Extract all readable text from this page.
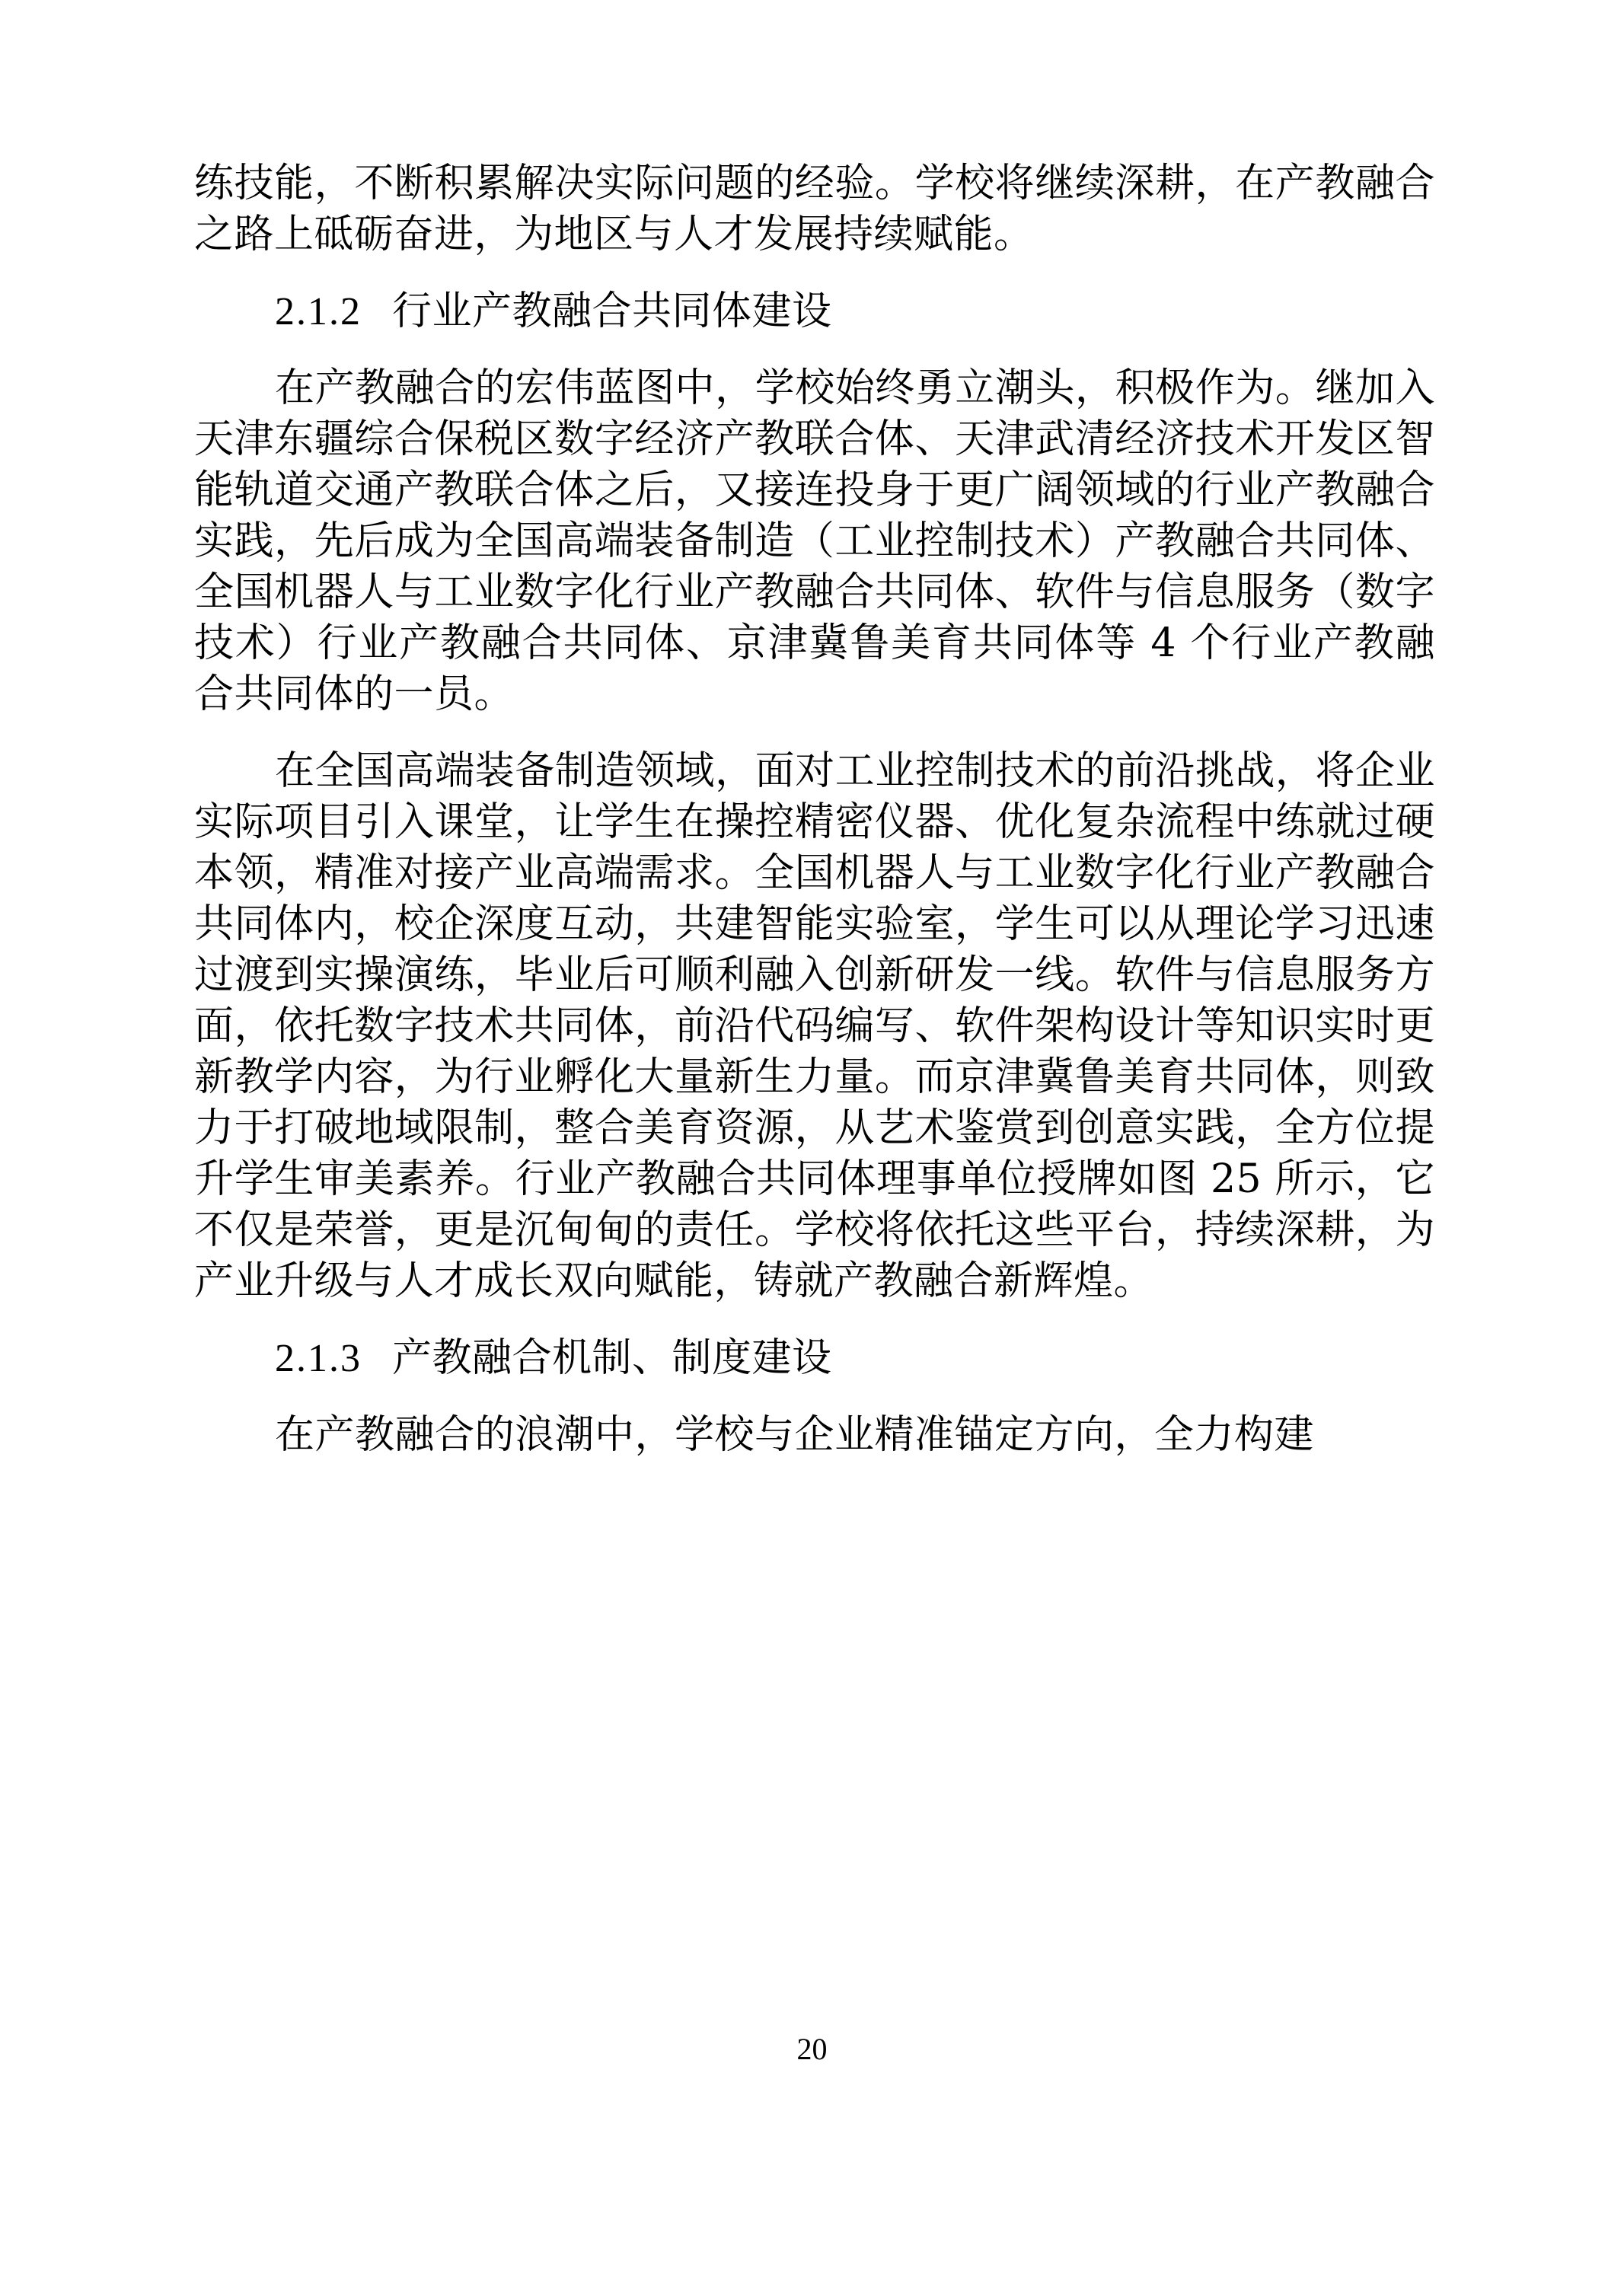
练技能，不断积累解决实际问题的经验。学校将继续深耕，在产教融合之路上砥砺奋进，为地区与人才发展持续赋能。

2.1.2 行业产教融合共同体建设

在产教融合的宏伟蓝图中，学校始终勇立潮头，积极作为。继加入天津东疆综合保税区数字经济产教联合体、天津武清经济技术开发区智能轨道交通产教联合体之后，又接连投身于更广阔领域的行业产教融合实践，先后成为全国高端装备制造（工业控制技术）产教融合共同体、全国机器人与工业数字化行业产教融合共同体、软件与信息服务（数字技术）行业产教融合共同体、京津冀鲁美育共同体等 4 个行业产教融合共同体的一员。

在全国高端装备制造领域，面对工业控制技术的前沿挑战，将企业实际项目引入课堂，让学生在操控精密仪器、优化复杂流程中练就过硬本领，精准对接产业高端需求。全国机器人与工业数字化行业产教融合共同体内，校企深度互动，共建智能实验室，学生可以从理论学习迅速过渡到实操演练，毕业后可顺利融入创新研发一线。软件与信息服务方面，依托数字技术共同体，前沿代码编写、软件架构设计等知识实时更新教学内容，为行业孵化大量新生力量。而京津冀鲁美育共同体，则致力于打破地域限制，整合美育资源，从艺术鉴赏到创意实践，全方位提升学生审美素养。行业产教融合共同体理事单位授牌如图 25 所示，它不仅是荣誉，更是沉甸甸的责任。学校将依托这些平台，持续深耕，为产业升级与人才成长双向赋能，铸就产教融合新辉煌。

2.1.3 产教融合机制、制度建设

在产教融合的浪潮中，学校与企业精准锚定方向，全力构建

20
